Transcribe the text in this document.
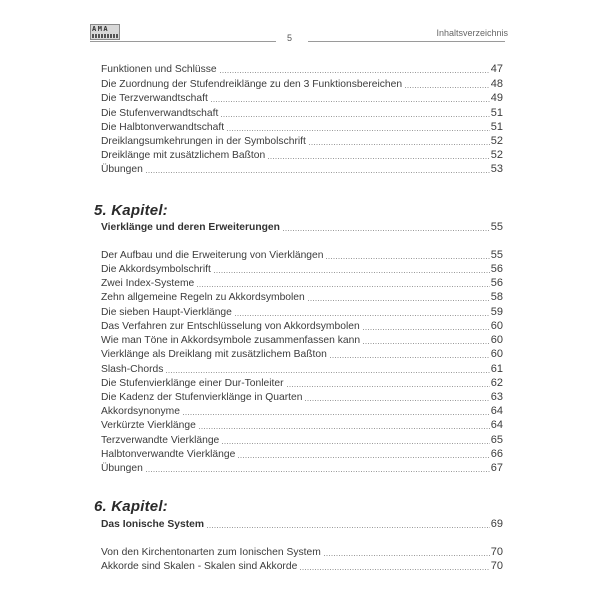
AMA
5	Inhaltsverzeichnis
Funktionen und Schlüsse	47
Die Zuordnung der Stufendreiklänge zu den 3 Funktionsbereichen	48
Die Terzverwandtschaft	49
Die Stufenverwandtschaft	51
Die Halbtonverwandtschaft	51
Dreiklangsumkehrungen in der Symbolschrift	52
Dreiklänge mit zusätzlichem Baßton	52
Übungen	53
5. Kapitel:
Vierklänge und deren Erweiterungen	55
Der Aufbau und die Erweiterung von Vierklängen	55
Die Akkordsymbolschrift	56
Zwei Index-Systeme	56
Zehn allgemeine Regeln zu Akkordsymbolen	58
Die sieben Haupt-Vierklänge	59
Das Verfahren zur Entschlüsselung von Akkordsymbolen	60
Wie man Töne in Akkordsymbole zusammenfassen kann	60
Vierklänge als Dreiklang mit zusätzlichem Baßton	60
Slash-Chords	61
Die Stufenvierklänge einer Dur-Tonleiter	62
Die Kadenz der Stufenvierklänge in Quarten	63
Akkordsynonyme	64
Verkürzte Vierklänge	64
Terzverwandte Vierklänge	65
Halbtonverwandte Vierklänge	66
Übungen	67
6. Kapitel:
Das Ionische System	69
Von den Kirchentonarten zum Ionischen System	70
Akkorde sind Skalen - Skalen sind Akkorde	70
